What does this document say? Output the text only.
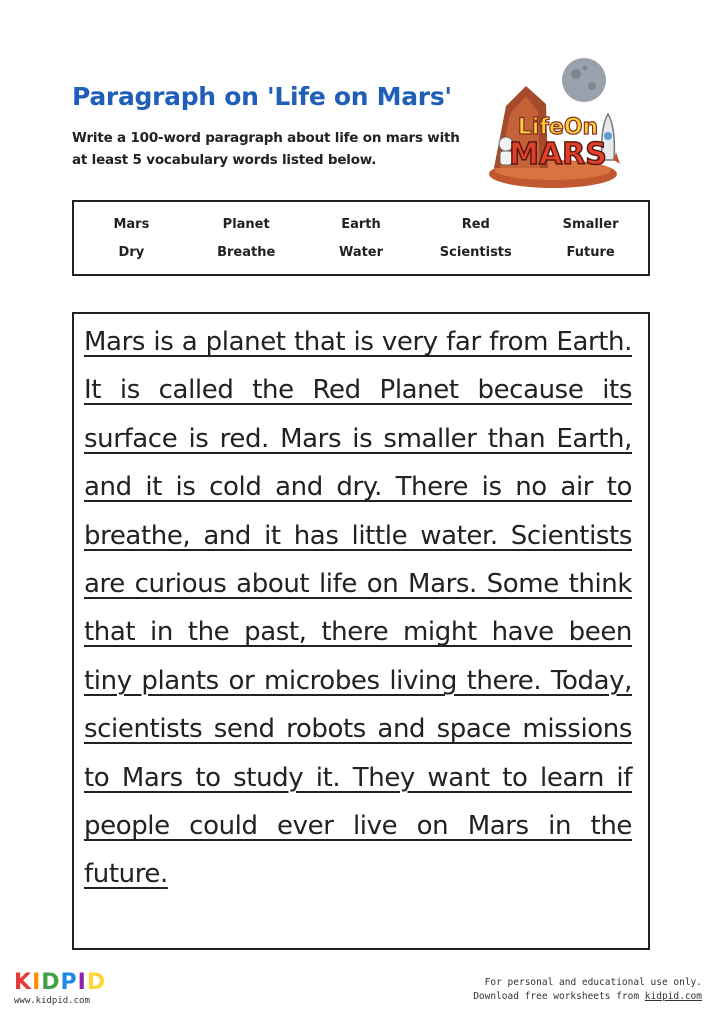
Paragraph on 'Life on Mars'
Write a 100-word paragraph about life on mars with at least 5 vocabulary words listed below.
LifeOn
MARS
Mars	Planet	Earth	Red	Smaller
Dry	Breathe	Water	Scientists	Future
Mars is a planet that is very far from Earth. It is called the Red Planet because its surface is red. Mars is smaller than Earth, and it is cold and dry. There is no air to breathe, and it has little water. Scientists are curious about life on Mars. Some think that in the past, there might have been tiny plants or microbes living there. Today, scientists send robots and space missions to Mars to study it. They want to learn if people could ever live on Mars in the future.
KIDPID
www.kidpid.com
For personal and educational use only.
Download free worksheets from kidpid.com
